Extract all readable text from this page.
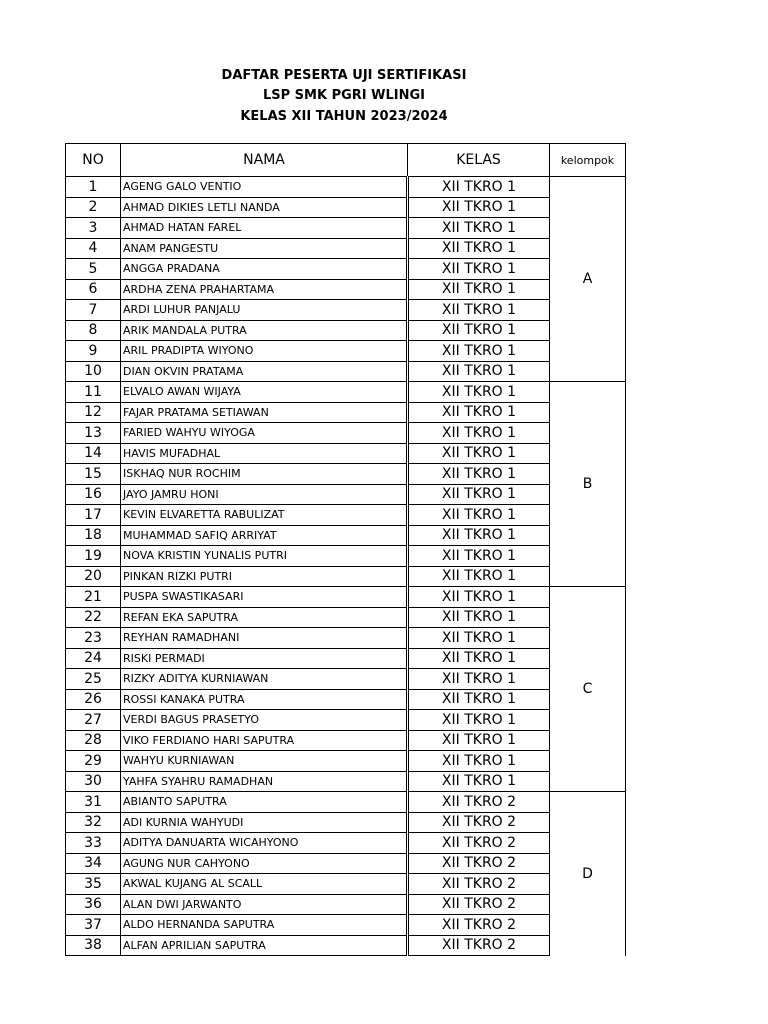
DAFTAR PESERTA UJI SERTIFIKASI
LSP SMK PGRI WLINGI
KELAS XII TAHUN 2023/2024
NO	NAMA	KELAS	kelompok
1	AGENG GALO VENTIO	XII TKRO 1	A
2	AHMAD DIKIES LETLI NANDA	XII TKRO 1	
3	AHMAD HATAN FAREL	XII TKRO 1	
4	ANAM PANGESTU	XII TKRO 1	
5	ANGGA PRADANA	XII TKRO 1	
6	ARDHA ZENA PRAHARTAMA	XII TKRO 1	
7	ARDI LUHUR PANJALU	XII TKRO 1	
8	ARIK MANDALA PUTRA	XII TKRO 1	
9	ARIL PRADIPTA WIYONO	XII TKRO 1	
10	DIAN OKVIN PRATAMA	XII TKRO 1	
11	ELVALO AWAN WIJAYA	XII TKRO 1	B
12	FAJAR PRATAMA SETIAWAN	XII TKRO 1	
13	FARIED WAHYU WIYOGA	XII TKRO 1	
14	HAVIS MUFADHAL	XII TKRO 1	
15	ISKHAQ NUR ROCHIM	XII TKRO 1	
16	JAYO JAMRU HONI	XII TKRO 1	
17	KEVIN ELVARETTA RABULIZAT	XII TKRO 1	
18	MUHAMMAD SAFIQ ARRIYAT	XII TKRO 1	
19	NOVA KRISTIN YUNALIS PUTRI	XII TKRO 1	
20	PINKAN RIZKI PUTRI	XII TKRO 1	
21	PUSPA SWASTIKASARI	XII TKRO 1	C
22	REFAN EKA SAPUTRA	XII TKRO 1	
23	REYHAN RAMADHANI	XII TKRO 1	
24	RISKI PERMADI	XII TKRO 1	
25	RIZKY ADITYA KURNIAWAN	XII TKRO 1	
26	ROSSI KANAKA PUTRA	XII TKRO 1	
27	VERDI BAGUS PRASETYO	XII TKRO 1	
28	VIKO FERDIANO HARI SAPUTRA	XII TKRO 1	
29	WAHYU KURNIAWAN	XII TKRO 1	
30	YAHFA SYAHRU RAMADHAN	XII TKRO 1	
31	ABIANTO SAPUTRA	XII TKRO 2	D
32	ADI KURNIA WAHYUDI	XII TKRO 2	
33	ADITYA DANUARTA WICAHYONO	XII TKRO 2	
34	AGUNG NUR CAHYONO	XII TKRO 2	
35	AKWAL KUJANG AL SCALL	XII TKRO 2	
36	ALAN DWI JARWANTO	XII TKRO 2	
37	ALDO HERNANDA SAPUTRA	XII TKRO 2	
38	ALFAN APRILIAN SAPUTRA	XII TKRO 2	
